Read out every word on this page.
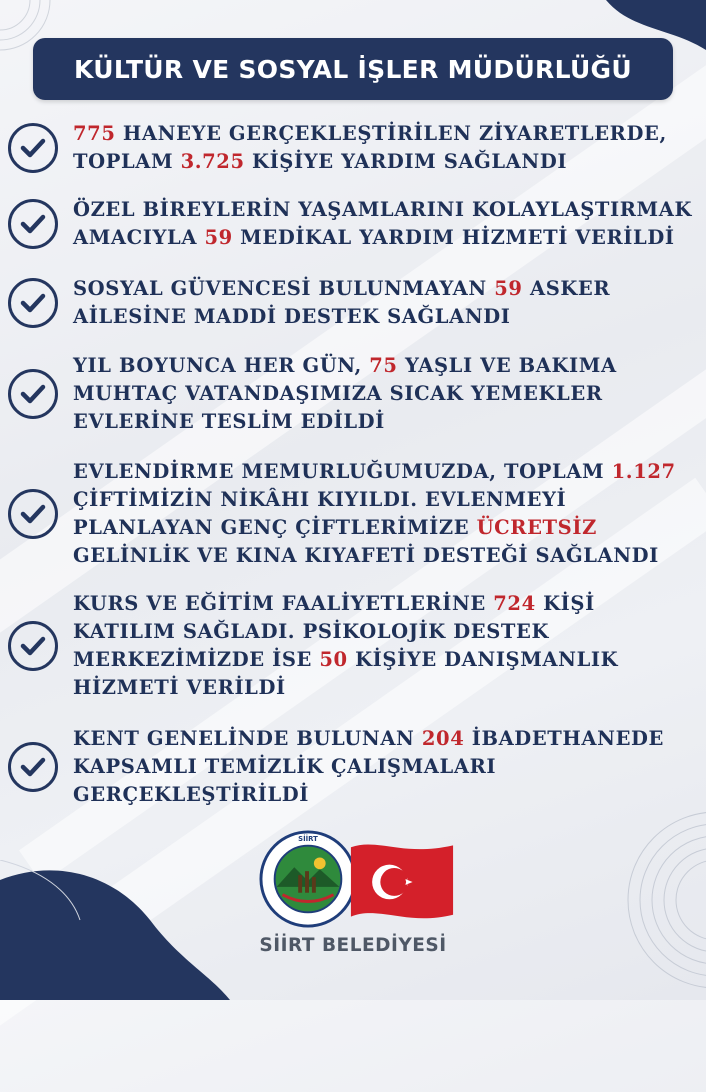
KÜLTÜR VE SOSYAL İŞLER MÜDÜRLÜĞÜ
775 HANEYE GERÇEKLEŞTİRİLEN ZİYARETLERDE,
TOPLAM 3.725 KİŞİYE YARDIM SAĞLANDI
ÖZEL BİREYLERİN YAŞAMLARINI KOLAYLAŞTIRMAK
AMACIYLA 59 MEDİKAL YARDIM HİZMETİ VERİLDİ
SOSYAL GÜVENCESİ BULUNMAYAN 59 ASKER
AİLESİNE MADDİ DESTEK SAĞLANDI
YIL BOYUNCA HER GÜN, 75 YAŞLI VE BAKIMA
MUHTAÇ VATANDAŞIMIZA SICAK YEMEKLER
EVLERİNE TESLİM EDİLDİ
EVLENDİRME MEMURLUĞUMUZDA, TOPLAM 1.127
ÇİFTİMİZİN NİKÂHI KIYILDI. EVLENMEYİ
PLANLAYAN GENÇ ÇİFTLERİMİZE ÜCRETSİZ
GELİNLİK VE KINA KIYAFETİ DESTEĞİ SAĞLANDI
KURS VE EĞİTİM FAALİYETLERİNE 724 KİŞİ
KATILIM SAĞLADI. PSİKOLOJİK DESTEK
MERKEZİMİZDE İSE 50 KİŞİYE DANIŞMANLIK
HİZMETİ VERİLDİ
KENT GENELİNDE BULUNAN 204 İBADETHANEDE
KAPSAMLI TEMİZLİK ÇALIŞMALARI
GERÇEKLEŞTİRİLDİ
SİİRT
SİİRT BELEDİYESİ
